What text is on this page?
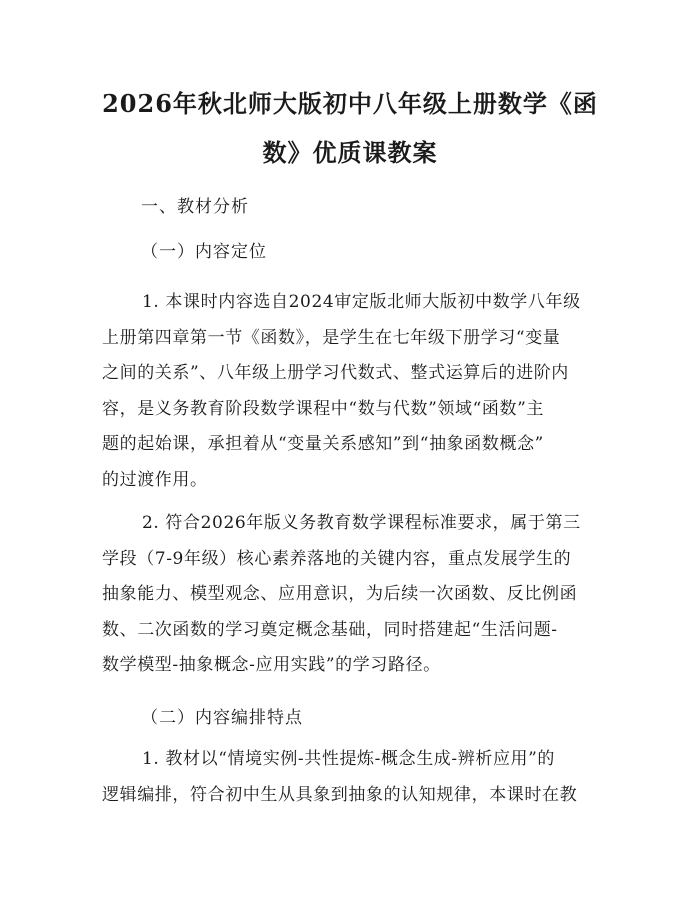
2026年秋北师大版初中八年级上册数学《函
数》优质课教案
一、教材分析
（一）内容定位
1. 本课时内容选自2024审定版北师大版初中数学八年级
上册第四章第一节《函数》，是学生在七年级下册学习“变量
之间的关系”、八年级上册学习代数式、整式运算后的进阶内
容，是义务教育阶段数学课程中“数与代数”领域“函数”主
题的起始课，承担着从“变量关系感知”到“抽象函数概念”
的过渡作用。
2. 符合2026年版义务教育数学课程标准要求，属于第三
学段（7-9年级）核心素养落地的关键内容，重点发展学生的
抽象能力、模型观念、应用意识，为后续一次函数、反比例函
数、二次函数的学习奠定概念基础，同时搭建起“生活问题-
数学模型-抽象概念-应用实践”的学习路径。
（二）内容编排特点
1. 教材以“情境实例-共性提炼-概念生成-辨析应用”的
逻辑编排，符合初中生从具象到抽象的认知规律，本课时在教
